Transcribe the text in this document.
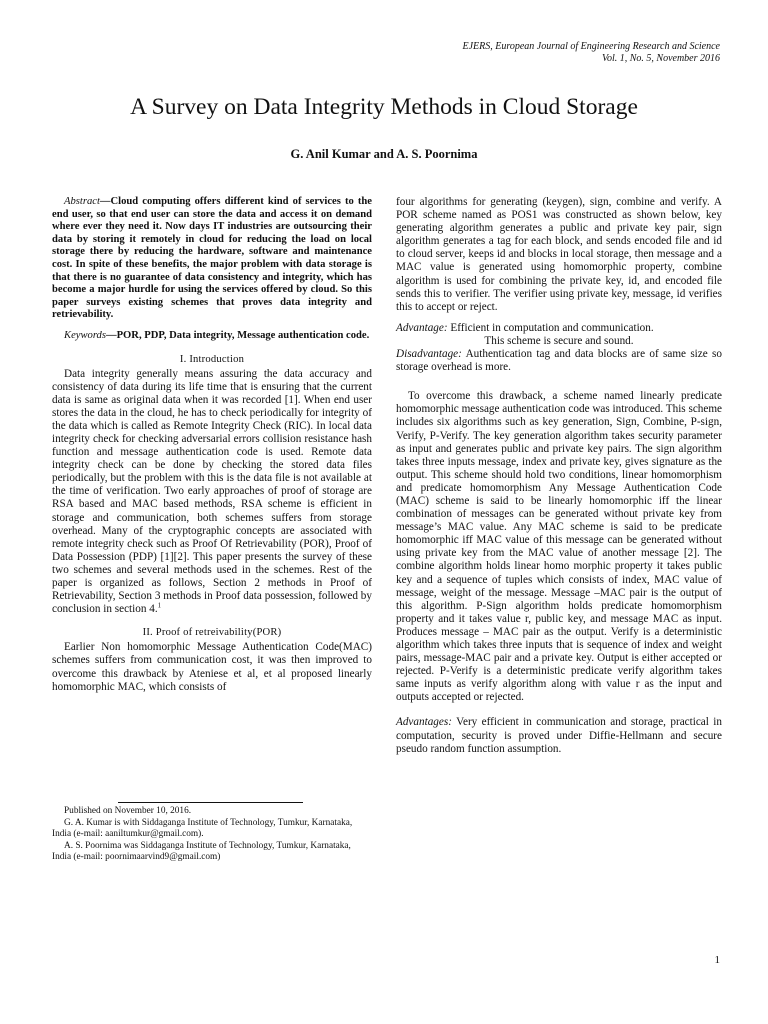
EJERS, European Journal of Engineering Research and Science
Vol. 1, No. 5, November 2016
A Survey on Data Integrity Methods in Cloud Storage
G. Anil Kumar and A. S. Poornima

Abstract—Cloud computing offers different kind of services to the end user, so that end user can store the data and access it on demand where ever they need it. Now days IT industries are outsourcing their data by storing it remotely in cloud for reducing the load on local storage there by reducing the hardware, software and maintenance cost. In spite of these benefits, the major problem with data storage is that there is no guarantee of data consistency and integrity, which has become a major hurdle for using the services offered by cloud. So this paper surveys existing schemes that proves data integrity and retrievability.

Keywords—POR, PDP, Data integrity, Message authentication code.

I. Introduction

Data integrity generally means assuring the data accuracy and consistency of data during its life time that is ensuring that the current data is same as original data when it was recorded [1]. When end user stores the data in the cloud, he has to check periodically for integrity of the data which is called as Remote Integrity Check (RIC). In local data integrity check for checking adversarial errors collision resistance hash function and message authentication code is used. Remote data integrity check can be done by checking the stored data files periodically, but the problem with this is the data file is not available at the time of verification. Two early approaches of proof of storage are RSA based and MAC based methods, RSA scheme is efficient in storage and communication, both schemes suffers from storage overhead. Many of the cryptographic concepts are associated with remote integrity check such as Proof Of Retrievability (POR), Proof of Data Possession (PDP) [1][2]. This paper presents the survey of these two schemes and several methods used in the schemes. Rest of the paper is organized as follows, Section 2 methods in Proof of Retrievability, Section 3 methods in Proof data possession, followed by conclusion in section 4.$^1$

II. Proof of retreivability(POR)

Earlier Non homomorphic Message Authentication Code(MAC) schemes suffers from communication cost, it was then improved to overcome this drawback by Ateniese et al, et al proposed linearly homomorphic MAC, which consists of

Published on November 10, 2016.

G. A. Kumar is with Siddaganga Institute of Technology, Tumkur, Karnataka, India (e-mail: aaniltumkur@gmail.com).

A. S. Poornima was Siddaganga Institute of Technology, Tumkur, Karnataka, India (e-mail: poornimaarvind9@gmail.com)

four algorithms for generating (keygen), sign, combine and verify. A POR scheme named as POS1 was constructed as shown below, key generating algorithm generates a public and private key pair, sign algorithm generates a tag for each block, and sends encoded file and id to cloud server, keeps id and blocks in local storage, then message and a MAC value is generated using homomorphic property, combine algorithm is used for combining the private key, id, and encoded file sends this to verifier. The verifier using private key, message, id verifies this to accept or reject.

Advantage: Efficient in computation and communication.

This scheme is secure and sound.

Disadvantage: Authentication tag and data blocks are of same size so storage overhead is more.

To overcome this drawback, a scheme named linearly predicate homomorphic message authentication code was introduced. This scheme includes six algorithms such as key generation, Sign, Combine, P-sign, Verify, P-Verify. The key generation algorithm takes security parameter as input and generates public and private key pairs. The sign algorithm takes three inputs message, index and private key, gives signature as the output. This scheme should hold two conditions, linear homomorphism and predicate homomorphism Any Message Authentication Code (MAC) scheme is said to be linearly homomorphic iff the linear combination of messages can be generated without private key from message’s MAC value. Any MAC scheme is said to be predicate homomorphic iff MAC value of this message can be generated without using private key from the MAC value of another message [2]. The combine algorithm holds linear homo morphic property it takes public key and a sequence of tuples which consists of index, MAC value of message, weight of the message. Message –MAC pair is the output of this algorithm. P-Sign algorithm holds predicate homomorphism property and it takes value r, public key, and message MAC as input. Produces message – MAC pair as the output. Verify is a deterministic algorithm which takes three inputs that is sequence of index and weight pairs, message-MAC pair and a private key. Output is either accepted or rejected. P-Verify is a deterministic predicate verify algorithm takes same inputs as verify algorithm along with value r as the input and outputs accepted or rejected.

Advantages: Very efficient in communication and storage, practical in computation, security is proved under Diffie-Hellmann and secure pseudo random function assumption.

1
